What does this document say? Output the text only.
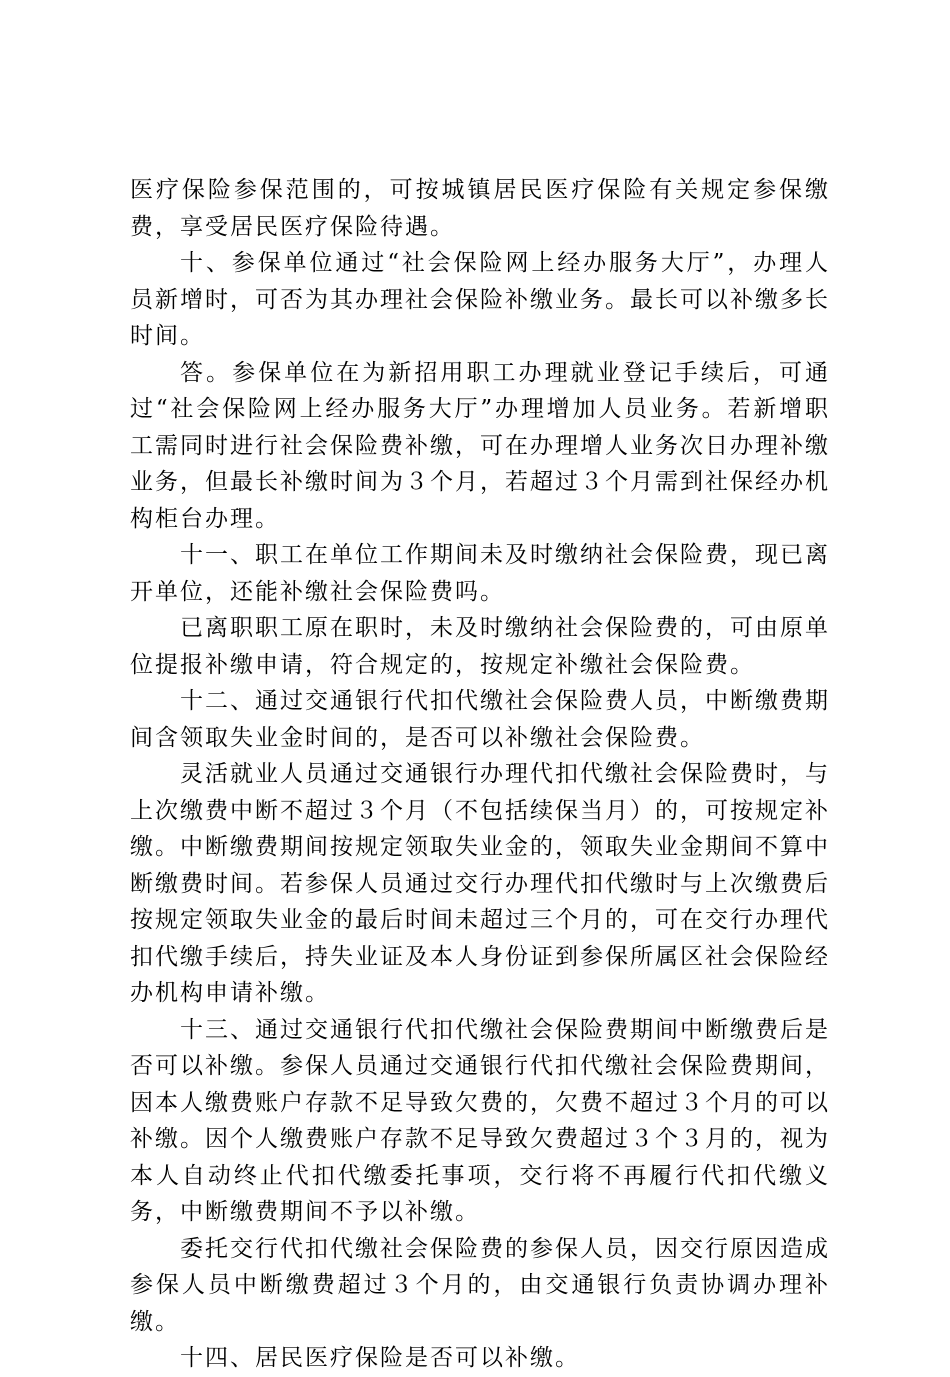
医疗保险参保范围的，可按城镇居民医疗保险有关规定参保缴费，享受居民医疗保险待遇。

十、参保单位通过“社会保险网上经办服务大厅”，办理人员新增时，可否为其办理社会保险补缴业务。最长可以补缴多长时间。

答。参保单位在为新招用职工办理就业登记手续后，可通过“社会保险网上经办服务大厅”办理增加人员业务。若新增职工需同时进行社会保险费补缴，可在办理增人业务次日办理补缴业务，但最长补缴时间为３个月，若超过３个月需到社保经办机构柜台办理。

十一、职工在单位工作期间未及时缴纳社会保险费，现已离开单位，还能补缴社会保险费吗。

已离职职工原在职时，未及时缴纳社会保险费的，可由原单位提报补缴申请，符合规定的，按规定补缴社会保险费。

十二、通过交通银行代扣代缴社会保险费人员，中断缴费期间含领取失业金时间的，是否可以补缴社会保险费。

灵活就业人员通过交通银行办理代扣代缴社会保险费时，与上次缴费中断不超过３个月（不包括续保当月）的，可按规定补缴。中断缴费期间按规定领取失业金的，领取失业金期间不算中断缴费时间。若参保人员通过交行办理代扣代缴时与上次缴费后按规定领取失业金的最后时间未超过三个月的，可在交行办理代扣代缴手续后，持失业证及本人身份证到参保所属区社会保险经办机构申请补缴。

十三、通过交通银行代扣代缴社会保险费期间中断缴费后是否可以补缴。参保人员通过交通银行代扣代缴社会保险费期间，因本人缴费账户存款不足导致欠费的，欠费不超过３个月的可以补缴。因个人缴费账户存款不足导致欠费超过３个３月的，视为本人自动终止代扣代缴委托事项，交行将不再履行代扣代缴义务，中断缴费期间不予以补缴。

委托交行代扣代缴社会保险费的参保人员，因交行原因造成参保人员中断缴费超过３个月的，由交通银行负责协调办理补缴。

十四、居民医疗保险是否可以补缴。
